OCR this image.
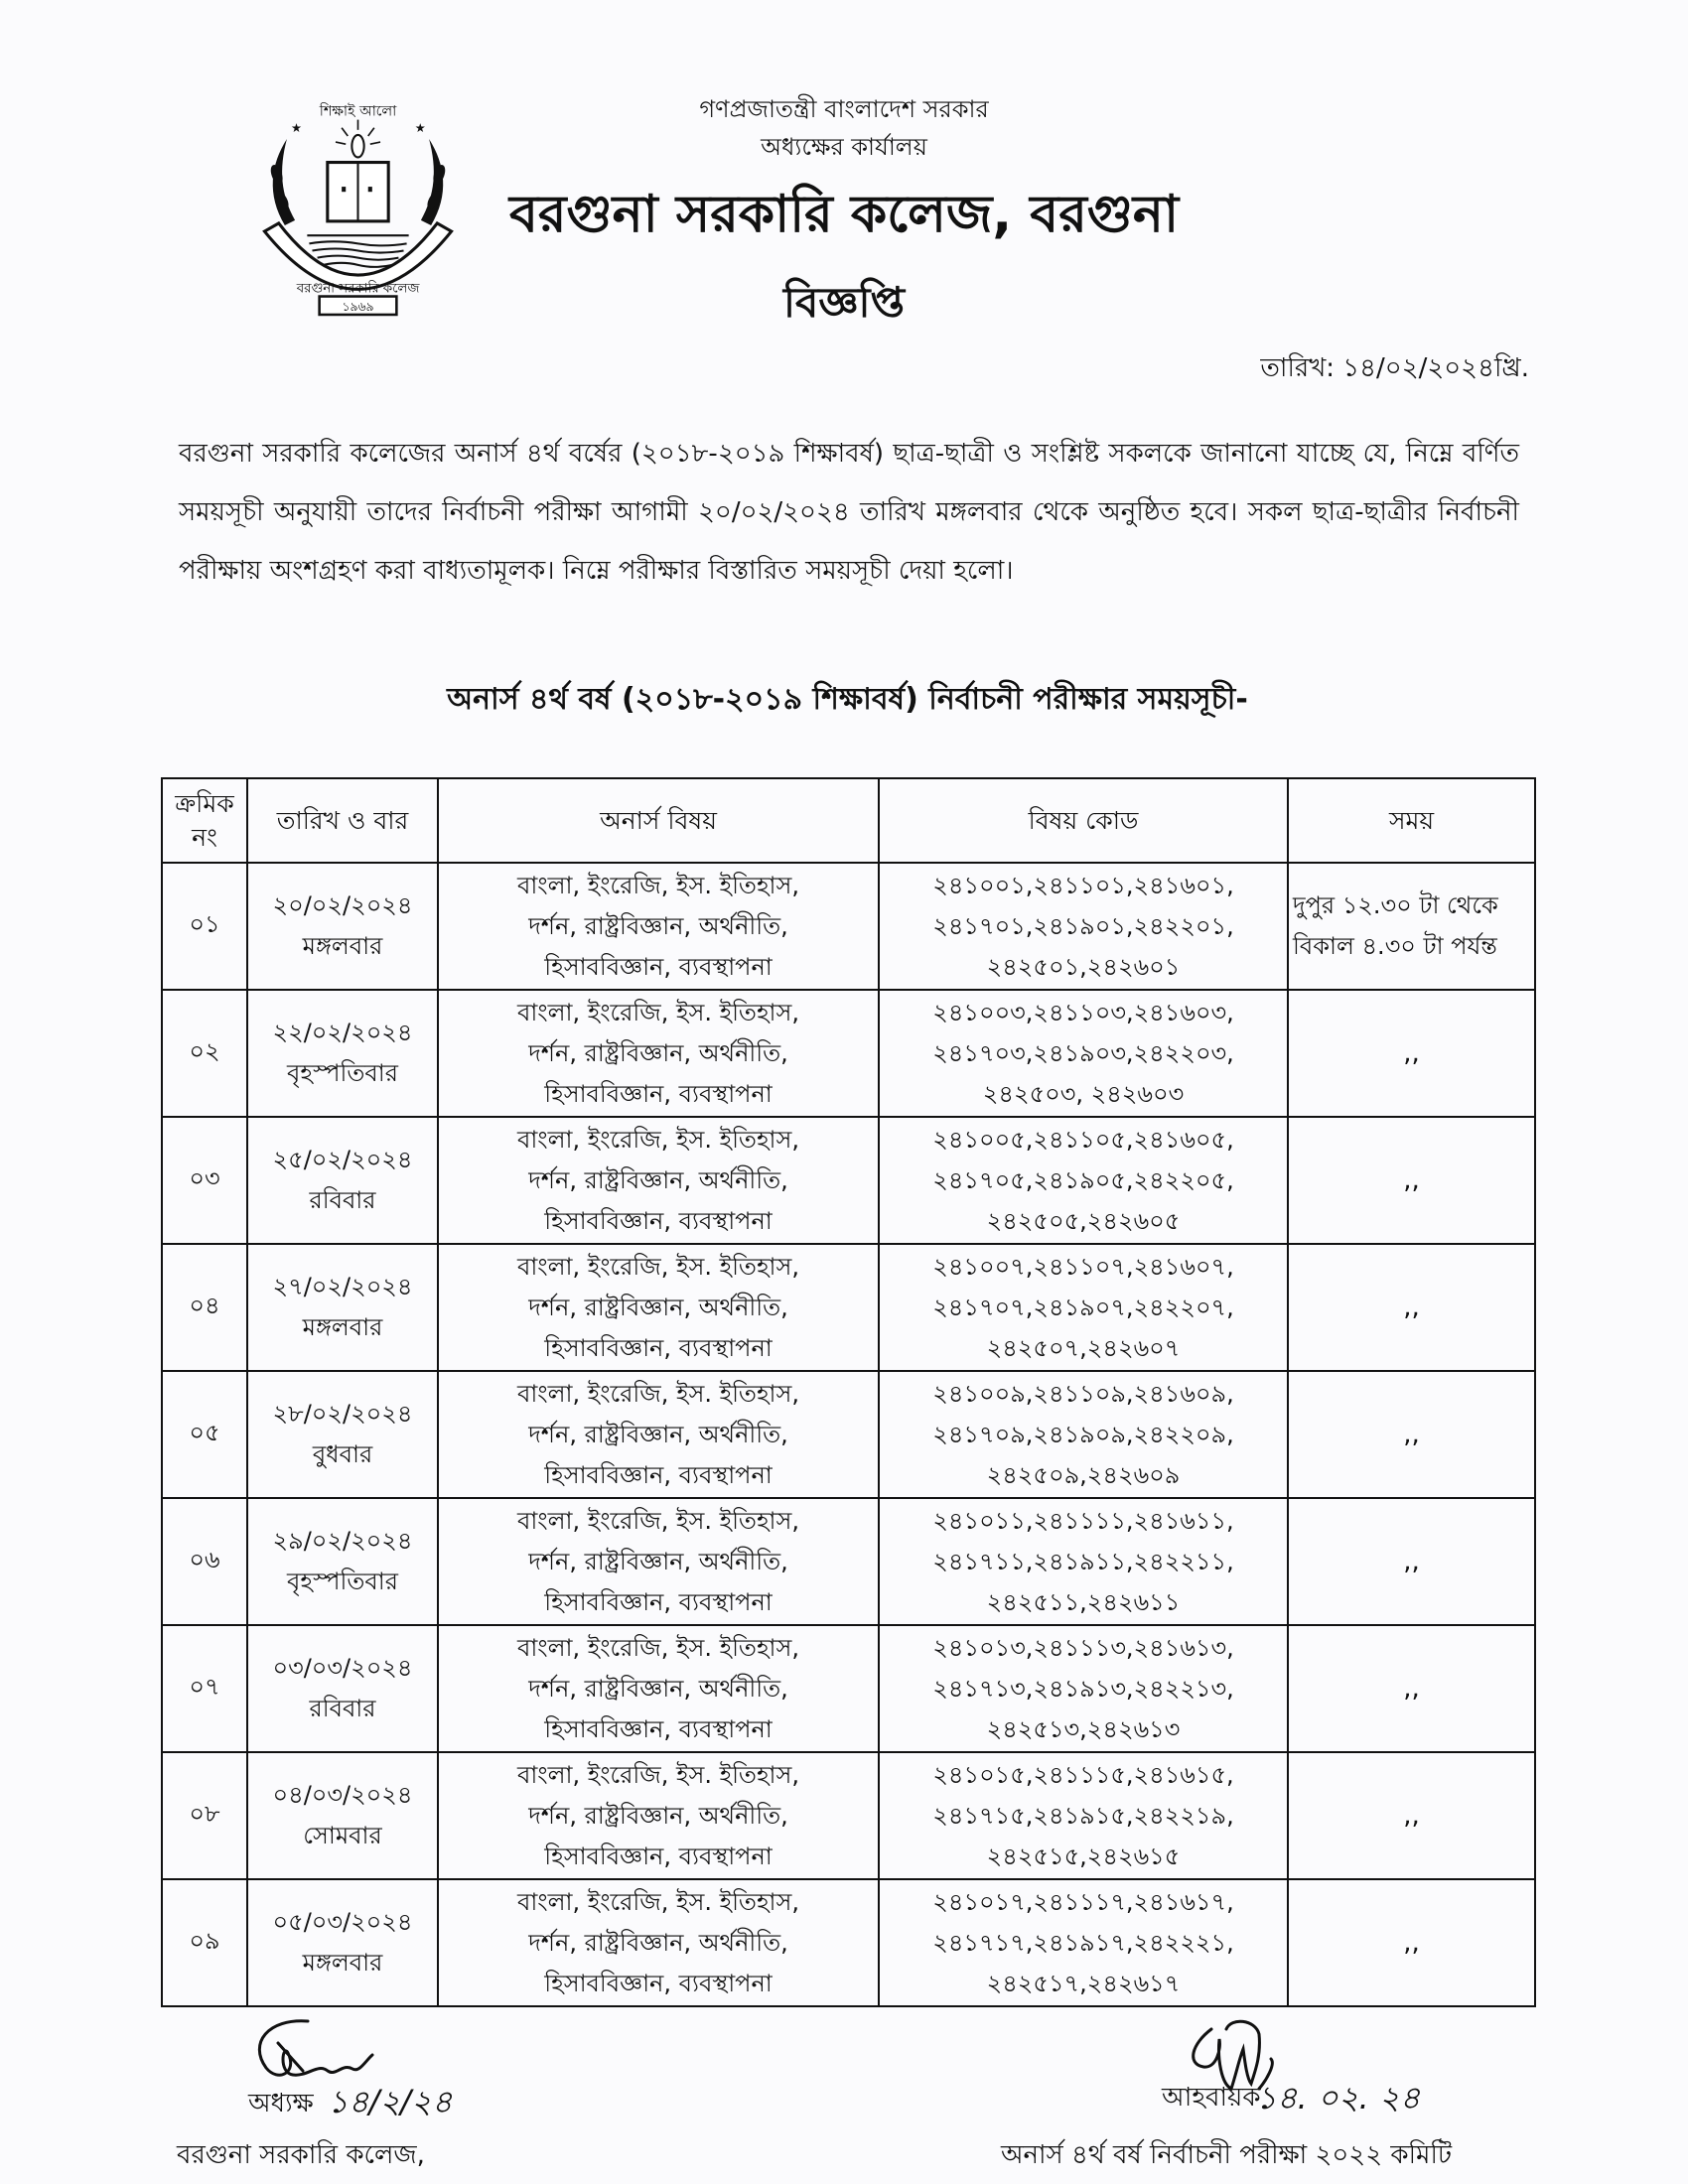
শিক্ষাই আলো
★	★
বরগুনা সরকারি কলেজ
১৯৬৯
গণপ্রজাতন্ত্রী বাংলাদেশ সরকার
অধ্যক্ষের কার্যালয়
বরগুনা সরকারি কলেজ, বরগুনা
বিজ্ঞপ্তি
তারিখ: ১৪/০২/২০২৪খ্রি.
বরগুনা সরকারি কলেজের অনার্স ৪র্থ বর্ষের (২০১৮-২০১৯ শিক্ষাবর্ষ) ছাত্র-ছাত্রী ও সংশ্লিষ্ট সকলকে জানানো যাচ্ছে যে, নিম্নে বর্ণিত সময়সূচী অনুযায়ী তাদের নির্বাচনী পরীক্ষা আগামী ২০/০২/২০২৪ তারিখ মঙ্গলবার থেকে অনুষ্ঠিত হবে। সকল ছাত্র-ছাত্রীর নির্বাচনী পরীক্ষায় অংশগ্রহণ করা বাধ্যতামূলক। নিম্নে পরীক্ষার বিস্তারিত সময়সূচী দেয়া হলো।
অনার্স ৪র্থ বর্ষ (২০১৮-২০১৯ শিক্ষাবর্ষ) নির্বাচনী পরীক্ষার সময়সূচী-
ক্রমিক
নং	তারিখ ও বার	অনার্স বিষয়	বিষয় কোড	সময়
০১	২০/০২/২০২৪
মঙ্গলবার	বাংলা, ইংরেজি, ইস. ইতিহাস,
দর্শন, রাষ্ট্রবিজ্ঞান, অর্থনীতি,
হিসাববিজ্ঞান, ব্যবস্থাপনা	২৪১০০১,২৪১১০১,২৪১৬০১,
২৪১৭০১,২৪১৯০১,২৪২২০১,
২৪২৫০১,২৪২৬০১	দুপুর ১২.৩০ টা থেকে
বিকাল ৪.৩০ টা পর্যন্ত

০২	২২/০২/২০২৪
বৃহস্পতিবার	বাংলা, ইংরেজি, ইস. ইতিহাস,
দর্শন, রাষ্ট্রবিজ্ঞান, অর্থনীতি,
হিসাববিজ্ঞান, ব্যবস্থাপনা	২৪১০০৩,২৪১১০৩,২৪১৬০৩,
২৪১৭০৩,২৪১৯০৩,২৪২২০৩,
২৪২৫০৩, ২৪২৬০৩	,,
০৩	২৫/০২/২০২৪
রবিবার	বাংলা, ইংরেজি, ইস. ইতিহাস,
দর্শন, রাষ্ট্রবিজ্ঞান, অর্থনীতি,
হিসাববিজ্ঞান, ব্যবস্থাপনা	২৪১০০৫,২৪১১০৫,২৪১৬০৫,
২৪১৭০৫,২৪১৯০৫,২৪২২০৫,
২৪২৫০৫,২৪২৬০৫	,,
০৪	২৭/০২/২০২৪
মঙ্গলবার	বাংলা, ইংরেজি, ইস. ইতিহাস,
দর্শন, রাষ্ট্রবিজ্ঞান, অর্থনীতি,
হিসাববিজ্ঞান, ব্যবস্থাপনা	২৪১০০৭,২৪১১০৭,২৪১৬০৭,
২৪১৭০৭,২৪১৯০৭,২৪২২০৭,
২৪২৫০৭,২৪২৬০৭	,,
০৫	২৮/০২/২০২৪
বুধবার	বাংলা, ইংরেজি, ইস. ইতিহাস,
দর্শন, রাষ্ট্রবিজ্ঞান, অর্থনীতি,
হিসাববিজ্ঞান, ব্যবস্থাপনা	২৪১০০৯,২৪১১০৯,২৪১৬০৯,
২৪১৭০৯,২৪১৯০৯,২৪২২০৯,
২৪২৫০৯,২৪২৬০৯	,,
০৬	২৯/০২/২০২৪
বৃহস্পতিবার	বাংলা, ইংরেজি, ইস. ইতিহাস,
দর্শন, রাষ্ট্রবিজ্ঞান, অর্থনীতি,
হিসাববিজ্ঞান, ব্যবস্থাপনা	২৪১০১১,২৪১১১১,২৪১৬১১,
২৪১৭১১,২৪১৯১১,২৪২২১১,
২৪২৫১১,২৪২৬১১	,,
০৭	০৩/০৩/২০২৪
রবিবার	বাংলা, ইংরেজি, ইস. ইতিহাস,
দর্শন, রাষ্ট্রবিজ্ঞান, অর্থনীতি,
হিসাববিজ্ঞান, ব্যবস্থাপনা	২৪১০১৩,২৪১১১৩,২৪১৬১৩,
২৪১৭১৩,২৪১৯১৩,২৪২২১৩,
২৪২৫১৩,২৪২৬১৩	,,
০৮	০৪/০৩/২০২৪
সোমবার	বাংলা, ইংরেজি, ইস. ইতিহাস,
দর্শন, রাষ্ট্রবিজ্ঞান, অর্থনীতি,
হিসাববিজ্ঞান, ব্যবস্থাপনা	২৪১০১৫,২৪১১১৫,২৪১৬১৫,
২৪১৭১৫,২৪১৯১৫,২৪২২১৯,
২৪২৫১৫,২৪২৬১৫	,,
০৯	০৫/০৩/২০২৪
মঙ্গলবার	বাংলা, ইংরেজি, ইস. ইতিহাস,
দর্শন, রাষ্ট্রবিজ্ঞান, অর্থনীতি,
হিসাববিজ্ঞান, ব্যবস্থাপনা	২৪১০১৭,২৪১১১৭,২৪১৬১৭,
২৪১৭১৭,২৪১৯১৭,২৪২২২১,
২৪২৫১৭,২৪২৬১৭	,,
অধ্যক্ষ ১৪/২/২৪
বরগুনা সরকারি কলেজ,
আহবায়ক
১৪. ০২. ২৪
অনার্স ৪র্থ বর্ষ নির্বাচনী পরীক্ষা ২০২২ কমিটি
